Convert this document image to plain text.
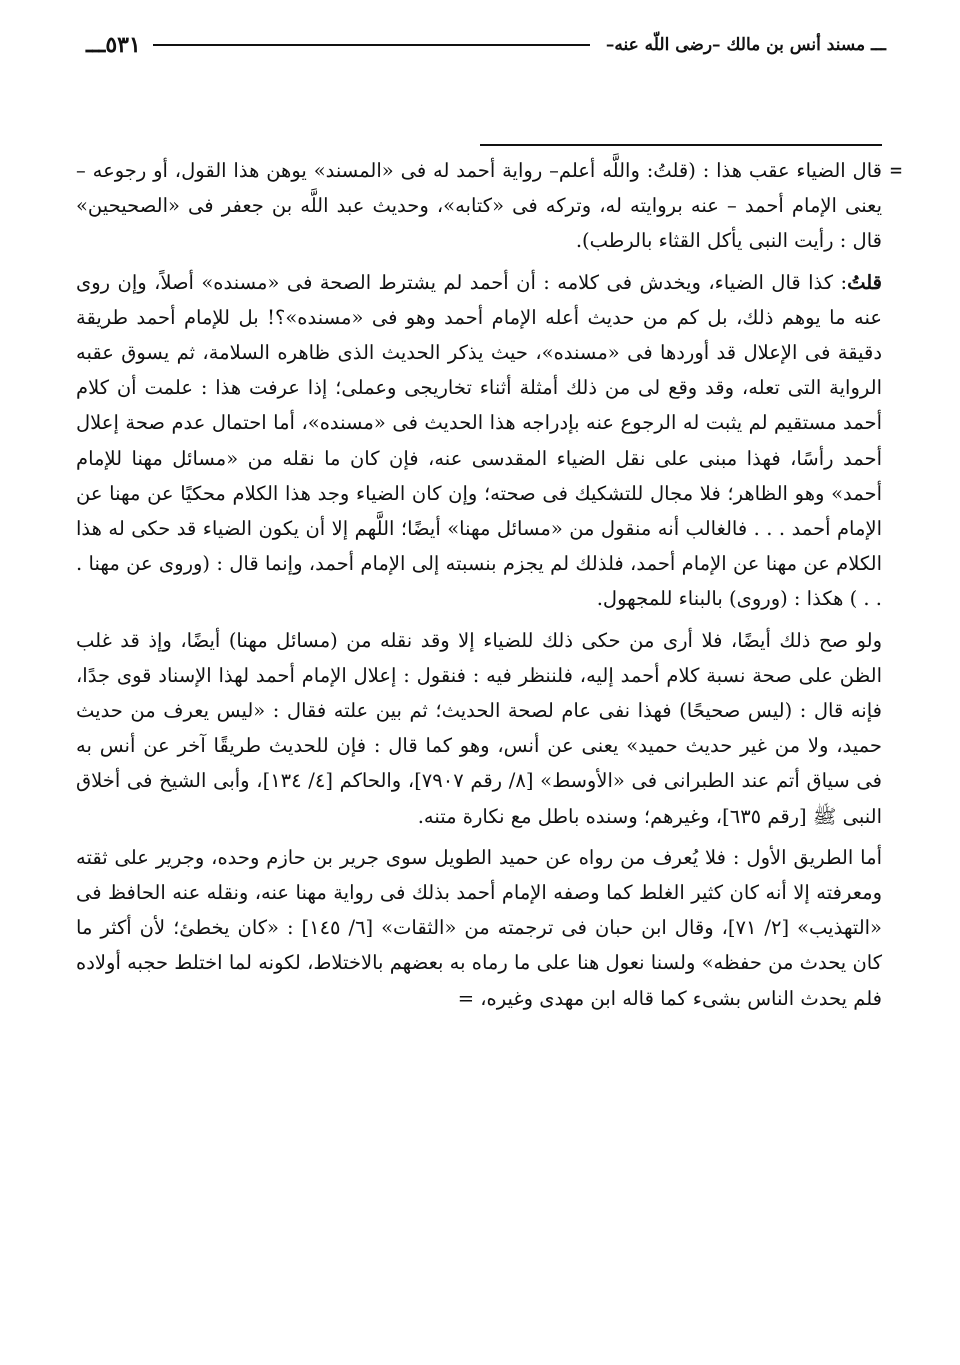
ـــ مسند أنس بن مالك –رضى اللّه عنه–
٥٣١ـــ
=

قال الضياء عقب هذا : (قلتُ: واللَّه أعلم– رواية أحمد له فى «المسند» يوهن هذا القول، أو رجوعه –يعنى الإمام أحمد – عنه بروايته له، وتركه فى «كتابه»، وحديث عبد اللَّه بن جعفر فى «الصحيحين» قال : رأيت النبى يأكل القثاء بالرطب).

قلتُ: كذا قال الضياء، ويخدش فى كلامه : أن أحمد لم يشترط الصحة فى «مسنده» أصلاً، وإن روى عنه ما يوهم ذلك، بل كم من حديث أعله الإمام أحمد وهو فى «مسنده»؟! بل للإمام أحمد طريقة دقيقة فى الإعلال قد أوردها فى «مسنده»، حيث يذكر الحديث الذى ظاهره السلامة، ثم يسوق عقبه الرواية التى تعله، وقد وقع لى من ذلك أمثلة أثناء تخاريجى وعملى؛ إذا عرفت هذا : علمت أن كلام أحمد مستقيم لم يثبت له الرجوع عنه بإدراجه هذا الحديث فى «مسنده»، أما احتمال عدم صحة إعلال أحمد رأسًا، فهذا مبنى على نقل الضياء المقدسى عنه، فإن كان ما نقله من «مسائل مهنا للإمام أحمد» وهو الظاهر؛ فلا مجال للتشكيك فى صحته؛ وإن كان الضياء وجد هذا الكلام محكيًا عن مهنا عن الإمام أحمد . . . فالغالب أنه منقول من «مسائل مهنا» أيضًا؛ اللَّهم إلا أن يكون الضياء قد حكى له هذا الكلام عن مهنا عن الإمام أحمد، فلذلك لم يجزم بنسبته إلى الإمام أحمد، وإنما قال : (وروى عن مهنا . . . ) هكذا : (وروى) بالبناء للمجهول.

ولو صح ذلك أيضًا، فلا أرى من حكى ذلك للضياء إلا وقد نقله من (مسائل مهنا) أيضًا، وإذ قد غلب الظن على صحة نسبة كلام أحمد إليه، فلننظر فيه : فنقول : إعلال الإمام أحمد لهذا الإسناد قوى جدًا، فإنه قال : (ليس صحيحًا) فهذا نفى عام لصحة الحديث؛ ثم بين علته فقال : «ليس يعرف من حديث حميد، ولا من غير حديث حميد» يعنى عن أنس، وهو كما قال : فإن للحديث طريقًا آخر عن أنس به فى سياق أتم عند الطبرانى فى «الأوسط» [٨/ رقم ٧٩٠٧]، والحاكم [٤/ ١٣٤]، وأبى الشيخ فى أخلاق النبى ﷺ [رقم ٦٣٥]، وغيرهم؛ وسنده باطل مع نكارة متنه.

أما الطريق الأول : فلا يُعرف من رواه عن حميد الطويل سوى جرير بن حازم وحده، وجرير على ثقته ومعرفته إلا أنه كان كثير الغلط كما وصفه الإمام أحمد بذلك فى رواية مهنا عنه، ونقله عنه الحافظ فى «التهذيب» [٢/ ٧١]، وقال ابن حبان فى ترجمته من «الثقات» [٦/ ١٤٥] : «كان يخطئ؛ لأن أكثر ما كان يحدث من حفظه» ولسنا نعول هنا على ما رماه به بعضهم بالاختلاط، لكونه لما اختلط حجبه أولاده فلم يحدث الناس بشىء كما قاله ابن مهدى وغيره، =
